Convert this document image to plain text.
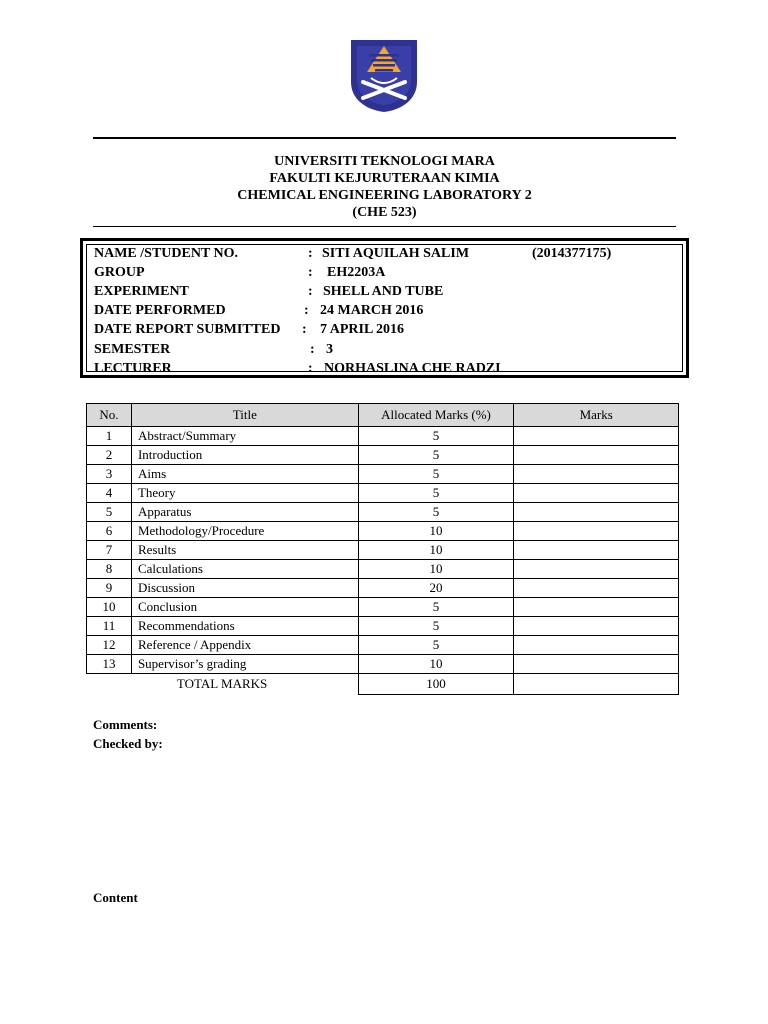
UNIVERSITI TEKNOLOGI MARA
FAKULTI KEJURUTERAAN KIMIA
CHEMICAL ENGINEERING LABORATORY 2
(CHE 523)
NAME /STUDENT NO.	: SITI AQUILAH SALIM	(2014377175)
GROUP	: EH2203A
EXPERIMENT	: SHELL AND TUBE
DATE PERFORMED	: 24 MARCH 2016
DATE REPORT SUBMITTED : 7 APRIL 2016
SEMESTER	: 3
LECTURER	: NORHASLINA CHE RADZI
No.	Title	Allocated Marks (%)	Marks
1	Abstract/Summary	5	
2	Introduction	5	
3	Aims	5	
4	Theory	5	
5	Apparatus	5	
6	Methodology/Procedure	10	
7	Results	10	
8	Calculations	10	
9	Discussion	20	
10	Conclusion	5	
11	Recommendations	5	
12	Reference / Appendix	5	
13	Supervisor’s grading	10	
TOTAL MARKS		100	
Comments:
Checked by:
Content
